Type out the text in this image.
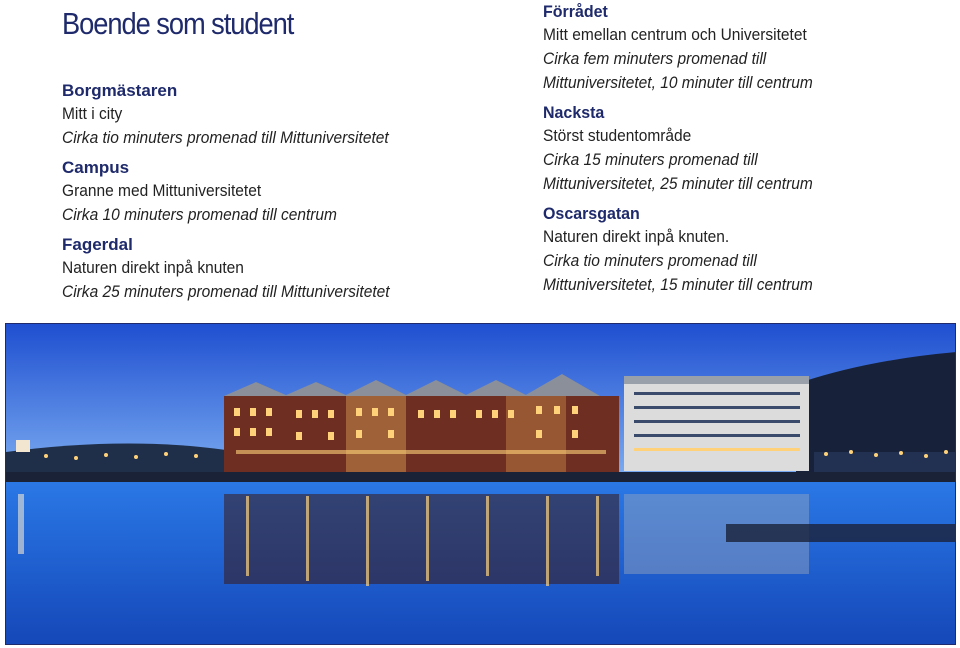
Boende som student
Borgmästaren
Mitt i city
Cirka tio minuters promenad till Mittuniversitetet
Campus
Granne med Mittuniversitetet
Cirka 10 minuters promenad till centrum
Fagerdal
Naturen direkt inpå knuten
Cirka 25 minuters promenad till Mittuniversitetet
Förrådet
Mitt emellan centrum och Universitetet
Cirka fem minuters promenad till
Mittuniversitetet, 10 minuter till centrum
Nacksta
Störst studentområde
Cirka 15 minuters promenad till
Mittuniversitetet, 25 minuter till centrum
Oscarsgatan
Naturen direkt inpå knuten.
Cirka tio minuters promenad till
Mittuniversitetet, 15 minuter till centrum
